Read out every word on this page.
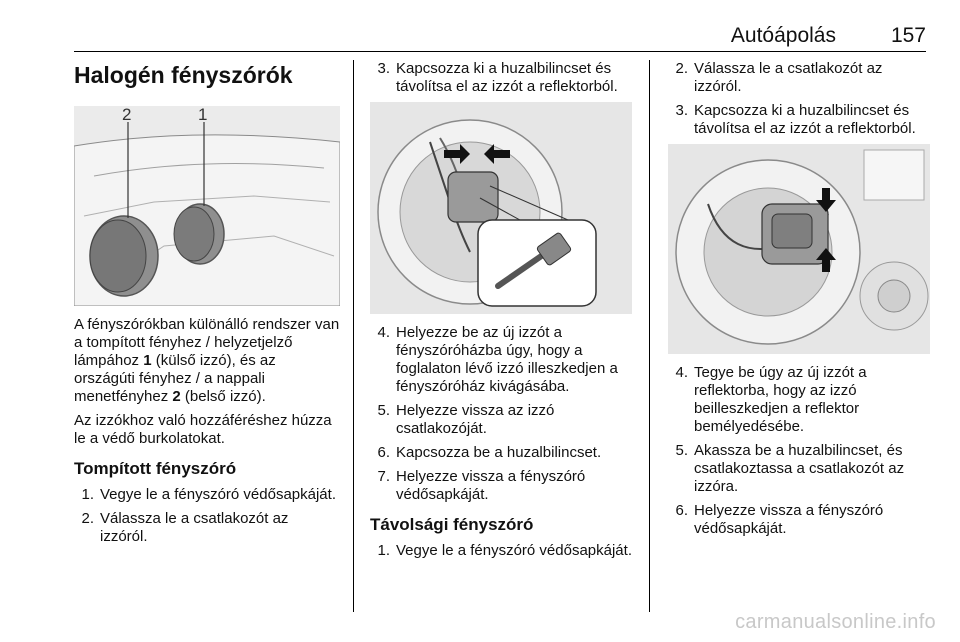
Autóápolás	157
Halogén fényszórók
2	1

A fényszórókban különálló rendszer van a tompított fényhez / helyzetjelző lámpához 1 (külső izzó), és az országúti fényhez / a nappali menetfényhez 2 (belső izzó).

Az izzókhoz való hozzáféréshez húzza le a védő burkolatokat.

Tompított fényszóró
1. Vegye le a fényszóró védősapkáját.
2. Válassza le a csatlakozót az izzóról.
3. Kapcsozza ki a huzalbilincset és távolítsa el az izzót a reflektorból.
4. Helyezze be az új izzót a fényszóróházba úgy, hogy a foglalaton lévő izzó illeszkedjen a fényszóróház kivágásába.
5. Helyezze vissza az izzó csatlakozóját.
6. Kapcsozza be a huzalbilincset.
7. Helyezze vissza a fényszóró védősapkáját.
Távolsági fényszóró
1. Vegye le a fényszóró védősapkáját.
2. Válassza le a csatlakozót az izzóról.
3. Kapcsozza ki a huzalbilincset és távolítsa el az izzót a reflektorból.
4. Tegye be úgy az új izzót a reflektorba, hogy az izzó beilleszkedjen a reflektor bemélyedésébe.
5. Akassza be a huzalbilincset, és csatlakoztassa a csatlakozót az izzóra.
6. Helyezze vissza a fényszóró védősapkáját.
carmanualsonline.info
